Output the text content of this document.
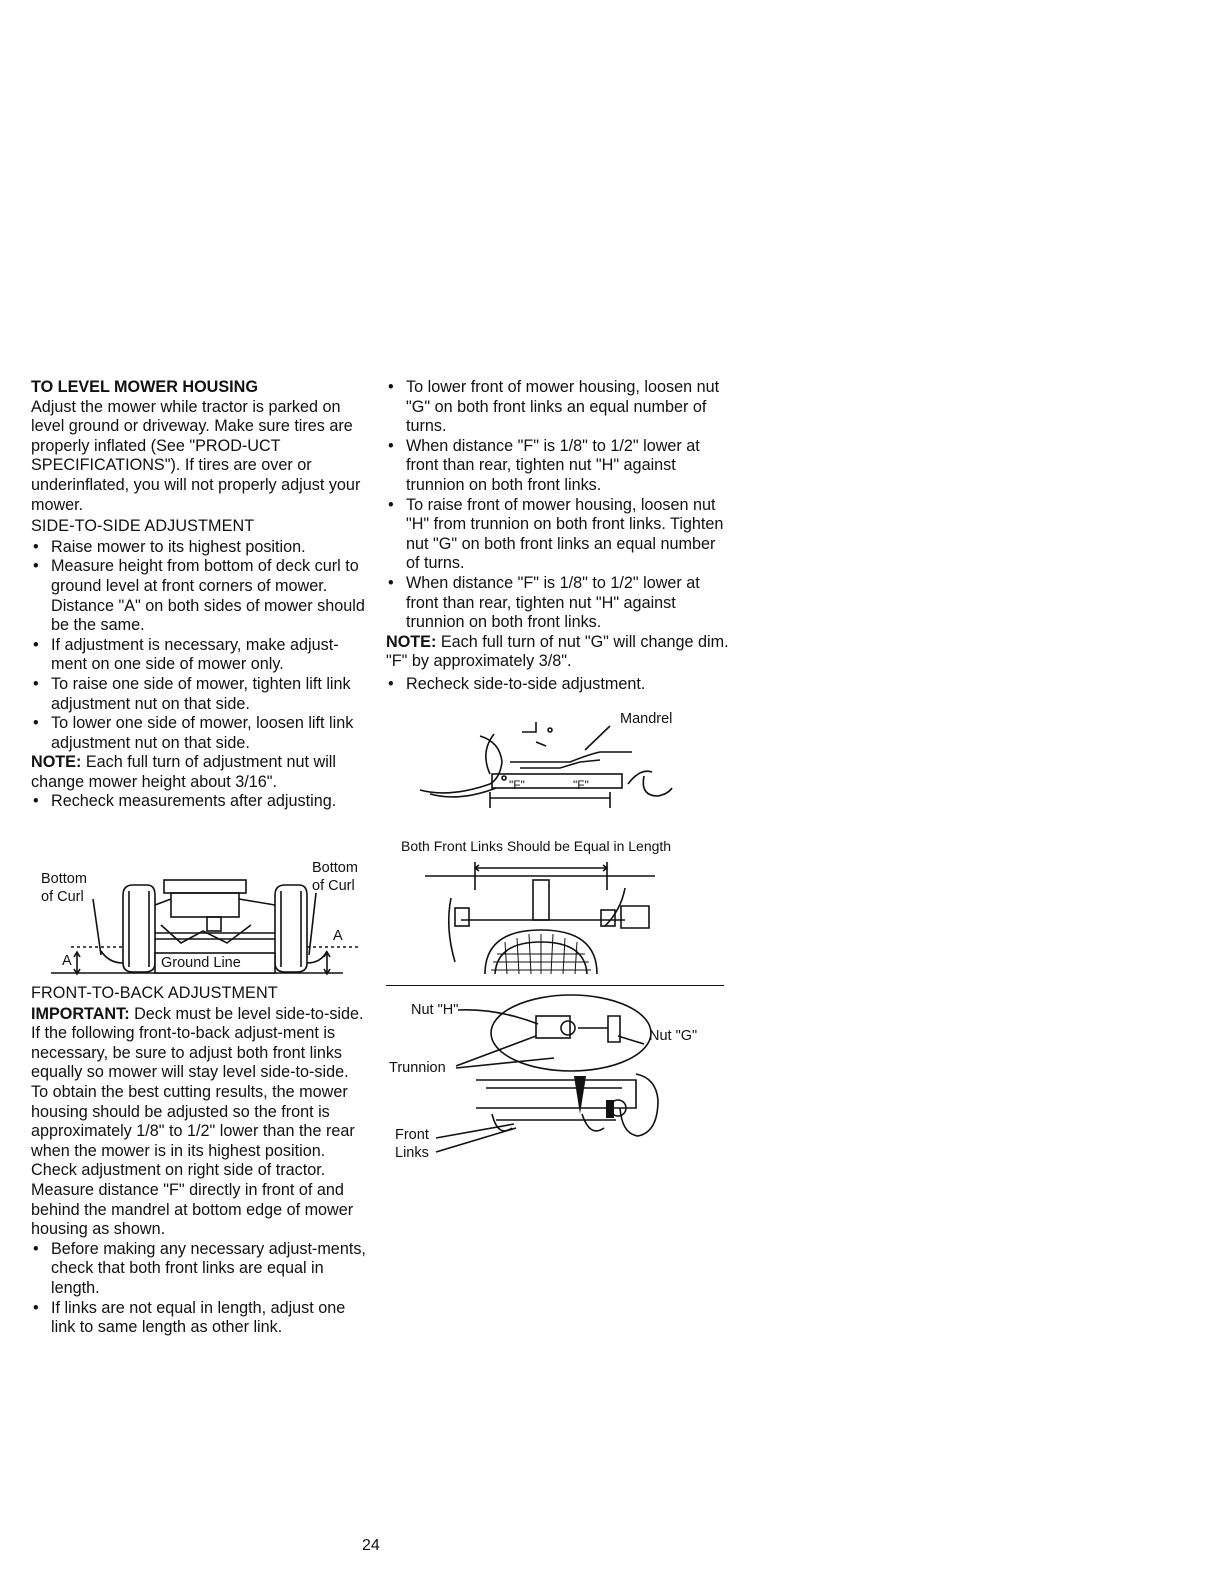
TO LEVEL MOWER HOUSING

Adjust the mower while tractor is parked on level ground or driveway. Make sure tires are properly inflated (See "PROD-UCT SPECIFICATIONS"). If tires are over or underinflated, you will not properly adjust your mower.

SIDE-TO-SIDE ADJUSTMENT
• Raise mower to its highest position.
• Measure height from bottom of deck curl to ground level at front corners of mower. Distance "A" on both sides of mower should be the same.
• If adjustment is necessary, make adjust-ment on one side of mower only.
• To raise one side of mower, tighten lift link adjustment nut on that side.
• To lower one side of mower, loosen lift link adjustment nut on that side.

NOTE: Each full turn of adjustment nut will change mower height about 3/16".

• Recheck measurements after adjusting.
Bottom
of Curl
Bottom
of Curl
A
A
Ground Line
FRONT-TO-BACK ADJUSTMENT

IMPORTANT: Deck must be level side-to-side. If the following front-to-back adjust-ment is necessary, be sure to adjust both front links equally so mower will stay level side-to-side.

To obtain the best cutting results, the mower housing should be adjusted so the front is approximately 1/8" to 1/2" lower than the rear when the mower is in its highest position.

Check adjustment on right side of tractor. Measure distance "F" directly in front of and behind the mandrel at bottom edge of mower housing as shown.

• Before making any necessary adjust-ments, check that both front links are equal in length.
• If links are not equal in length, adjust one link to same length as other link.
• To lower front of mower housing, loosen nut "G" on both front links an equal number of turns.
• When distance "F" is 1/8" to 1/2" lower at front than rear, tighten nut "H" against trunnion on both front links.
• To raise front of mower housing, loosen nut "H" from trunnion on both front links. Tighten nut "G" on both front links an equal number of turns.
• When distance "F" is 1/8" to 1/2" lower at front than rear, tighten nut "H" against trunnion on both front links.

NOTE: Each full turn of nut "G" will change dim. "F" by approximately 3/8".

• Recheck side-to-side adjustment.
Mandrel
"F"	"F"
Both Front Links Should be Equal in Length
Nut "H"
Trunnion
Nut "G"
Front
Links
24
